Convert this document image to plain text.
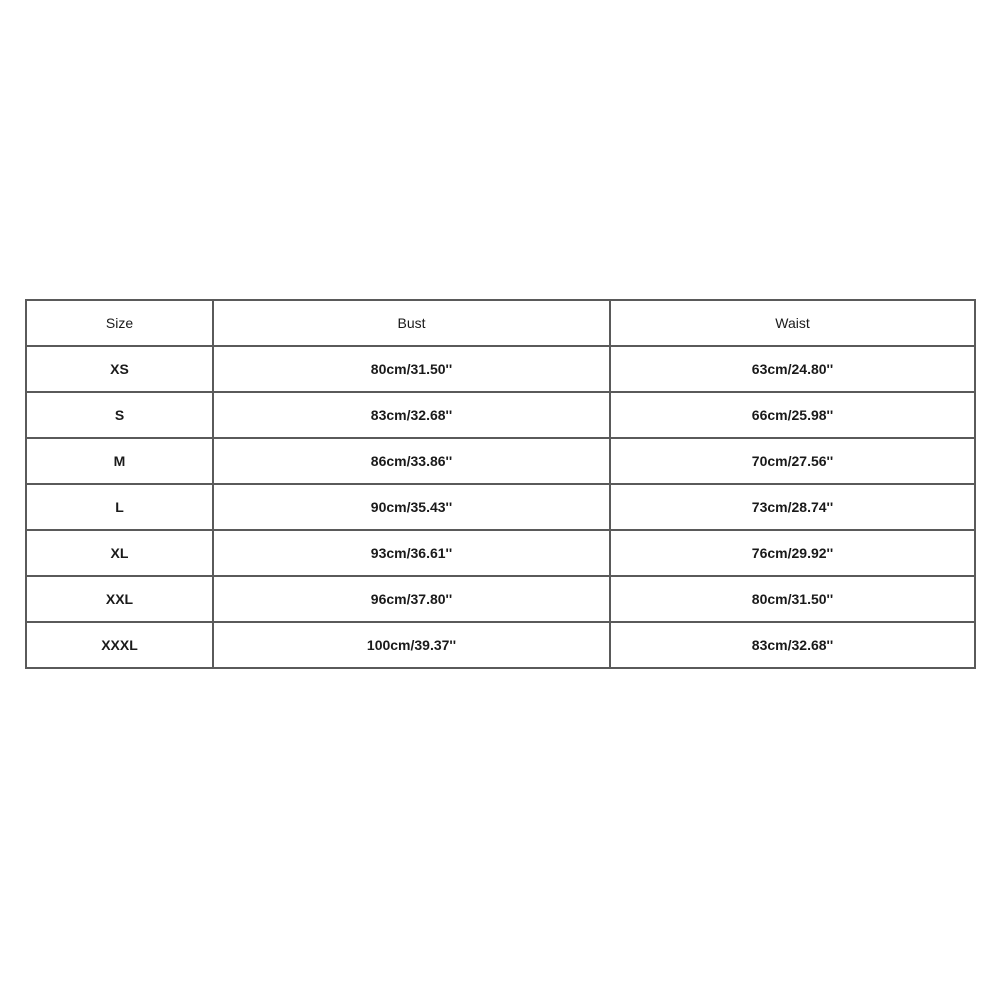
Size	Bust	Waist
XS	80cm/31.50''	63cm/24.80''
S	83cm/32.68''	66cm/25.98''
M	86cm/33.86''	70cm/27.56''
L	90cm/35.43''	73cm/28.74''
XL	93cm/36.61''	76cm/29.92''
XXL	96cm/37.80''	80cm/31.50''
XXXL	100cm/39.37''	83cm/32.68''
